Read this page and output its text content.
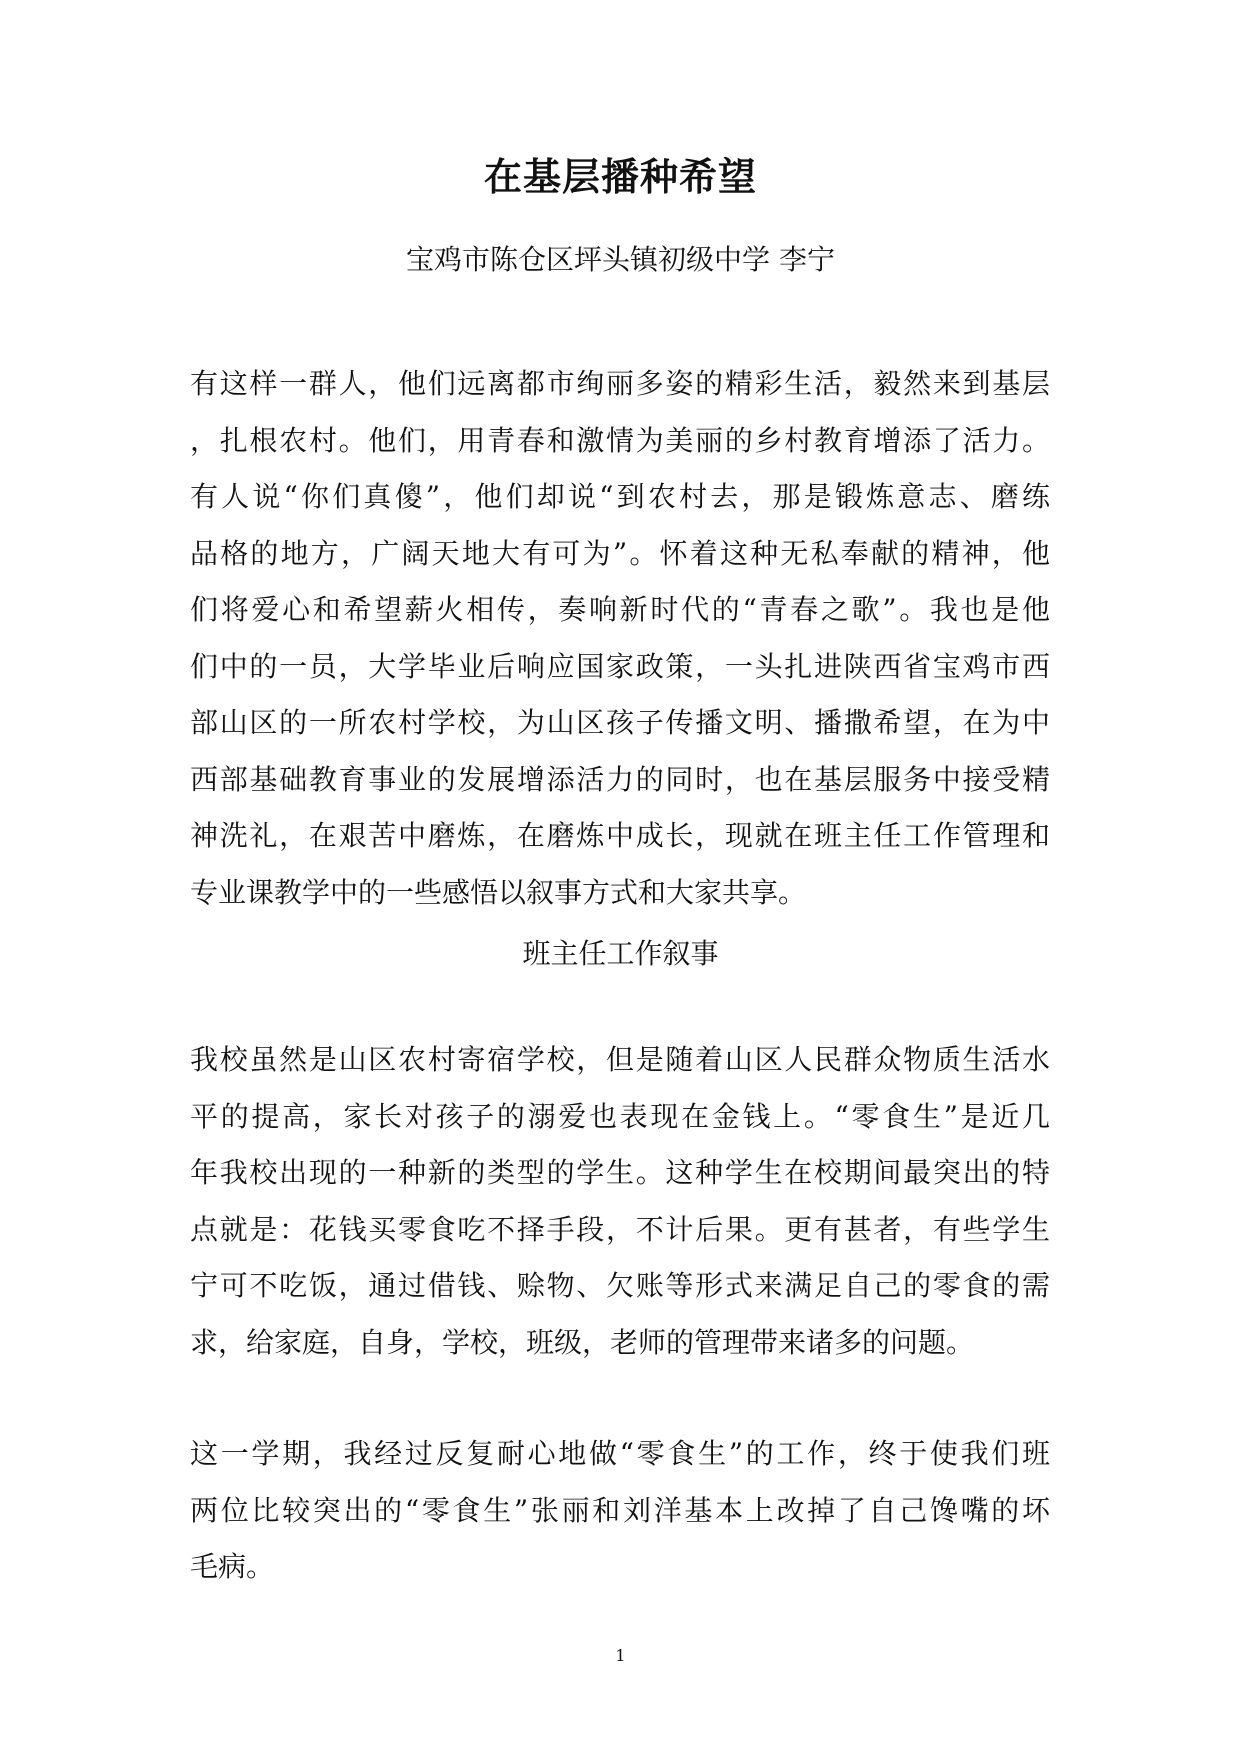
在基层播种希望
宝鸡市陈仓区坪头镇初级中学 李宁
有这样一群人，他们远离都市绚丽多姿的精彩生活，毅然来到基层
，扎根农村。他们，用青春和激情为美丽的乡村教育增添了活力。
有人说“你们真傻”，他们却说“到农村去，那是锻炼意志、磨练
品格的地方，广阔天地大有可为”。怀着这种无私奉献的精神，他
们将爱心和希望薪火相传，奏响新时代的“青春之歌”。我也是他
们中的一员，大学毕业后响应国家政策，一头扎进陕西省宝鸡市西
部山区的一所农村学校，为山区孩子传播文明、播撒希望，在为中
西部基础教育事业的发展增添活力的同时，也在基层服务中接受精
神洗礼，在艰苦中磨炼，在磨炼中成长，现就在班主任工作管理和
专业课教学中的一些感悟以叙事方式和大家共享。
班主任工作叙事
我校虽然是山区农村寄宿学校，但是随着山区人民群众物质生活水
平的提高，家长对孩子的溺爱也表现在金钱上。“零食生”是近几
年我校出现的一种新的类型的学生。这种学生在校期间最突出的特
点就是：花钱买零食吃不择手段，不计后果。更有甚者，有些学生
宁可不吃饭，通过借钱、赊物、欠账等形式来满足自己的零食的需
求，给家庭，自身，学校，班级，老师的管理带来诸多的问题。
这一学期，我经过反复耐心地做“零食生”的工作，终于使我们班
两位比较突出的“零食生”张丽和刘洋基本上改掉了自己馋嘴的坏
毛病。
1
